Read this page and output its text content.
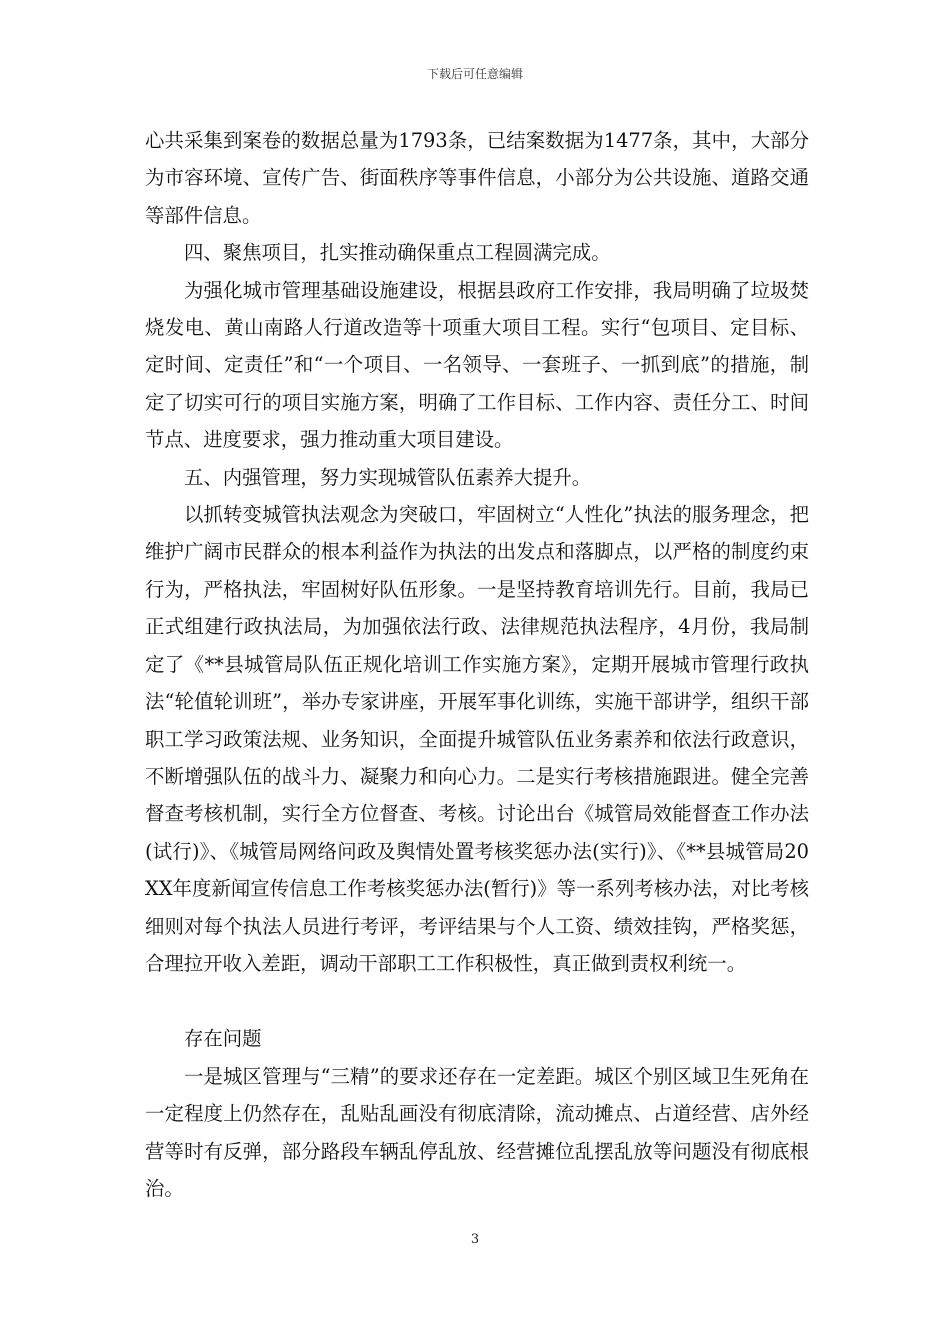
下载后可任意编辑

心共采集到案卷的数据总量为1793条，已结案数据为1477条，其中，大部分为市容环境、宣传广告、街面秩序等事件信息，小部分为公共设施、道路交通等部件信息。

四、聚焦项目，扎实推动确保重点工程圆满完成。

为强化城市管理基础设施建设，根据县政府工作安排，我局明确了垃圾焚烧发电、黄山南路人行道改造等十项重大项目工程。实行“包项目、定目标、定时间、定责任”和“一个项目、一名领导、一套班子、一抓到底”的措施，制定了切实可行的项目实施方案，明确了工作目标、工作内容、责任分工、时间节点、进度要求，强力推动重大项目建设。

五、内强管理，努力实现城管队伍素养大提升。

以抓转变城管执法观念为突破口，牢固树立“人性化”执法的服务理念，把维护广阔市民群众的根本利益作为执法的出发点和落脚点，以严格的制度约束行为，严格执法，牢固树好队伍形象。一是坚持教育培训先行。目前，我局已正式组建行政执法局，为加强依法行政、法律规范执法程序，4月份，我局制定了《**县城管局队伍正规化培训工作实施方案》，定期开展城市管理行政执法“轮值轮训班”，举办专家讲座，开展军事化训练，实施干部讲学，组织干部职工学习政策法规、业务知识，全面提升城管队伍业务素养和依法行政意识，不断增强队伍的战斗力、凝聚力和向心力。二是实行考核措施跟进。健全完善督查考核机制，实行全方位督查、考核。讨论出台《城管局效能督查工作办法(试行)》、《城管局网络问政及舆情处置考核奖惩办法(实行)》、《**县城管局20XX年度新闻宣传信息工作考核奖惩办法(暂行)》等一系列考核办法，对比考核细则对每个执法人员进行考评，考评结果与个人工资、绩效挂钩，严格奖惩，合理拉开收入差距，调动干部职工工作积极性，真正做到责权利统一。

存在问题

一是城区管理与“三精”的要求还存在一定差距。城区个别区域卫生死角在一定程度上仍然存在，乱贴乱画没有彻底清除，流动摊点、占道经营、店外经营等时有反弹，部分路段车辆乱停乱放、经营摊位乱摆乱放等问题没有彻底根治。

3
